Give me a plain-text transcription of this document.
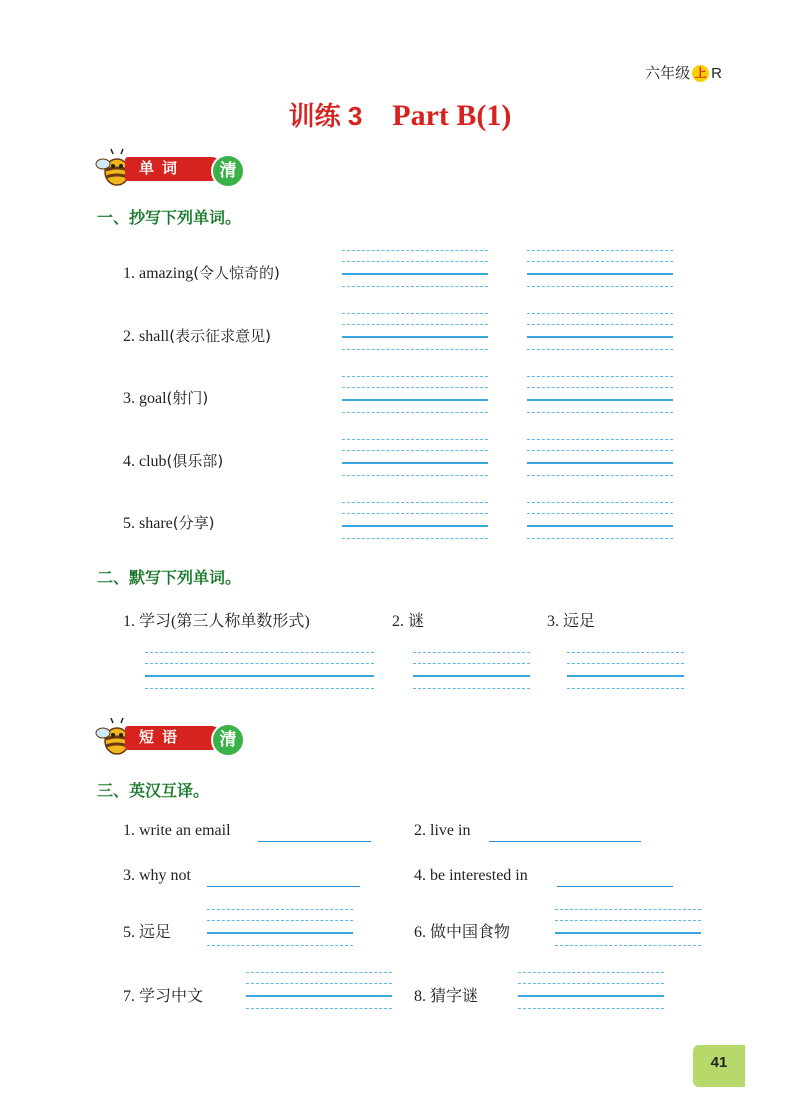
六年级 上 R
训练 3 Part B(1)
单词	清
一、抄写下列单词。
1. amazing(令人惊奇的)
2. shall(表示征求意见)
3. goal(射门)
4. club(俱乐部)
5. share(分享)
二、默写下列单词。
1. 学习(第三人称单数形式)	2. 谜	3. 远足
短语	清
三、英汉互译。
1. write an email	2. live in
3. why not	4. be interested in
5. 远足	6. 做中国食物
7. 学习中文	8. 猜字谜
41
